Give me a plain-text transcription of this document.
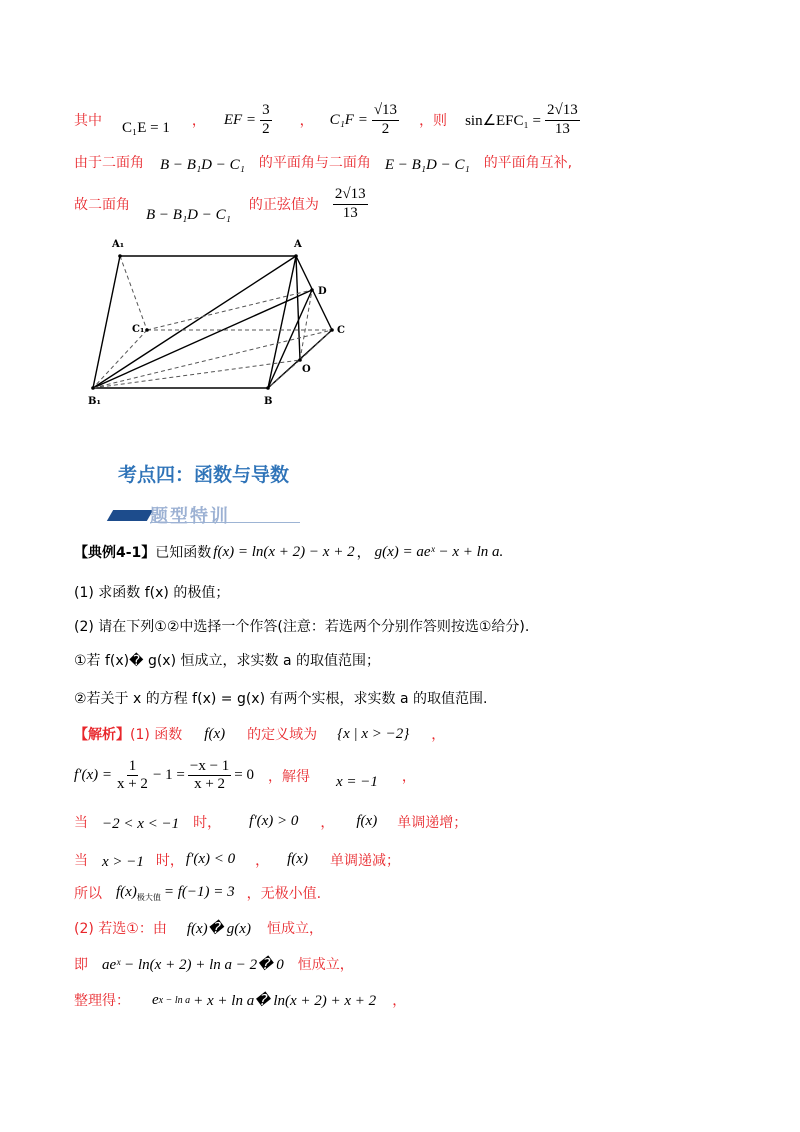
其中 C₁E = 1 ， EF = $\frac{3}{2}$ ， $C_1F = \frac{√13}{2}$ ，则 sin∠EFC₁ = $\frac{2√13}{13}$
由于二面角 B − B₁D − C₁ 的平面角与二面角 E − B₁D − C₁ 的平面角互补,
故二面角
B − B₁D − C₁
的正弦值为 $\frac{2√13}{13}$
A₁	A
D
C₁	C
O
B₁	B
考点四：函数与导数
题型特训
【典例4-1】 已知函数 f(x) = ln(x + 2) − x + 2 ， g(x) = aeˣ − x + ln a.
(1) 求函数 f(x) 的极值；
(2) 请在下列①②中选择一个作答(注意：若选两个分别作答则按选①给分).
①若 f(x)� g(x) 恒成立，求实数 a 的取值范围；
②若关于 x 的方程 f(x) = g(x) 有两个实根，求实数 a 的取值范围.
【解析】 (1) 函数 f(x) 的定义域为 {x | x > −2} ，
$f'(x) = \frac{1}{x + 2} - 1 = \frac{-x - 1}{x + 2} = 0$ ，解得 x = −1 ，
当 −2 < x < −1 时， f′(x) > 0 ， f(x) 单调递增；
当 x > −1 时， f′(x) < 0 ， f(x) 单调递减；
所以 f(x) 极大值 = f(−1) = 3 ，无极小值.
(2) 若选①：由 f(x)� g(x) 恒成立，
即 aeˣ − ln(x + 2) + ln a − 2� 0 恒成立，
整理得： e x − ln a + x + ln a� ln(x + 2) + x + 2 ，
